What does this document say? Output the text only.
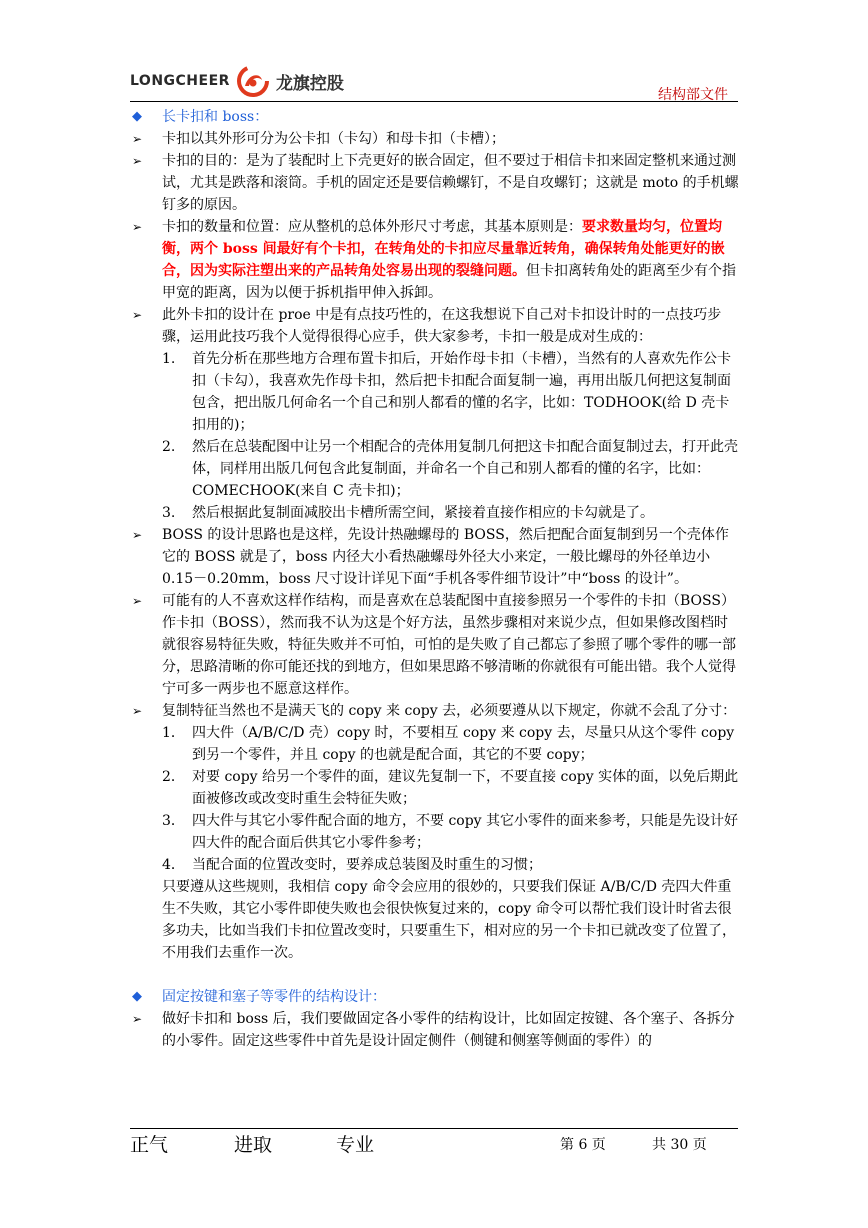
LONGCHEER	龙旗控股
结构部文件
◆ 长卡扣和 boss：
➢ 卡扣以其外形可分为公卡扣（卡勾）和母卡扣（卡槽）；
➢ 卡扣的目的：是为了装配时上下壳更好的嵌合固定，但不要过于相信卡扣来固定整机来通过测试，尤其是跌落和滚筒。手机的固定还是要信赖螺钉，不是自攻螺钉；这就是 moto 的手机螺钉多的原因。
➢ 卡扣的数量和位置：应从整机的总体外形尺寸考虑，其基本原则是：要求数量均匀，位置均衡，两个 boss 间最好有个卡扣，在转角处的卡扣应尽量靠近转角，确保转角处能更好的嵌合，因为实际注塑出来的产品转角处容易出现的裂缝问题。但卡扣离转角处的距离至少有个指甲宽的距离，因为以便于拆机指甲伸入拆卸。
➢ 此外卡扣的设计在 proe 中是有点技巧性的，在这我想说下自己对卡扣设计时的一点技巧步骤，运用此技巧我个人觉得很得心应手，供大家参考，卡扣一般是成对生成的：
1. 首先分析在那些地方合理布置卡扣后，开始作母卡扣（卡槽），当然有的人喜欢先作公卡扣（卡勾），我喜欢先作母卡扣，然后把卡扣配合面复制一遍，再用出版几何把这复制面包含，把出版几何命名一个自己和别人都看的懂的名字，比如：TODHOOK(给 D 壳卡扣用的)；
2. 然后在总装配图中让另一个相配合的壳体用复制几何把这卡扣配合面复制过去，打开此壳体，同样用出版几何包含此复制面，并命名一个自己和别人都看的懂的名字，比如：COMECHOOK(来自 C 壳卡扣)；
3. 然后根据此复制面减胶出卡槽所需空间，紧接着直接作相应的卡勾就是了。
➢ BOSS 的设计思路也是这样，先设计热融螺母的 BOSS，然后把配合面复制到另一个壳体作它的 BOSS 就是了，boss 内径大小看热融螺母外径大小来定，一般比螺母的外径单边小 0.15－0.20mm，boss 尺寸设计详见下面“手机各零件细节设计”中“boss 的设计”。
➢ 可能有的人不喜欢这样作结构，而是喜欢在总装配图中直接参照另一个零件的卡扣（BOSS）作卡扣（BOSS），然而我不认为这是个好方法，虽然步骤相对来说少点，但如果修改图档时就很容易特征失败，特征失败并不可怕，可怕的是失败了自己都忘了参照了哪个零件的哪一部分，思路清晰的你可能还找的到地方，但如果思路不够清晰的你就很有可能出错。我个人觉得宁可多一两步也不愿意这样作。
➢ 复制特征当然也不是满天飞的 copy 来 copy 去，必须要遵从以下规定，你就不会乱了分寸：
1． 四大件（A/B/C/D 壳）copy 时，不要相互 copy 来 copy 去，尽量只从这个零件 copy 到另一个零件，并且 copy 的也就是配合面，其它的不要 copy；
2． 对要 copy 给另一个零件的面，建议先复制一下，不要直接 copy 实体的面，以免后期此面被修改或改变时重生会特征失败；
3． 四大件与其它小零件配合面的地方，不要 copy 其它小零件的面来参考，只能是先设计好四大件的配合面后供其它小零件参考；
4． 当配合面的位置改变时，要养成总装图及时重生的习惯；
只要遵从这些规则，我相信 copy 命令会应用的很妙的，只要我们保证 A/B/C/D 壳四大件重生不失败，其它小零件即使失败也会很快恢复过来的，copy 命令可以帮忙我们设计时省去很多功夫，比如当我们卡扣位置改变时，只要重生下，相对应的另一个卡扣已就改变了位置了，不用我们去重作一次。
◆ 固定按键和塞子等零件的结构设计：
➢ 做好卡扣和 boss 后，我们要做固定各小零件的结构设计，比如固定按键、各个塞子、各拆分的小零件。固定这些零件中首先是设计固定侧件（侧键和侧塞等侧面的零件）的
正气	进取	专业	第 6 页	共 30 页
